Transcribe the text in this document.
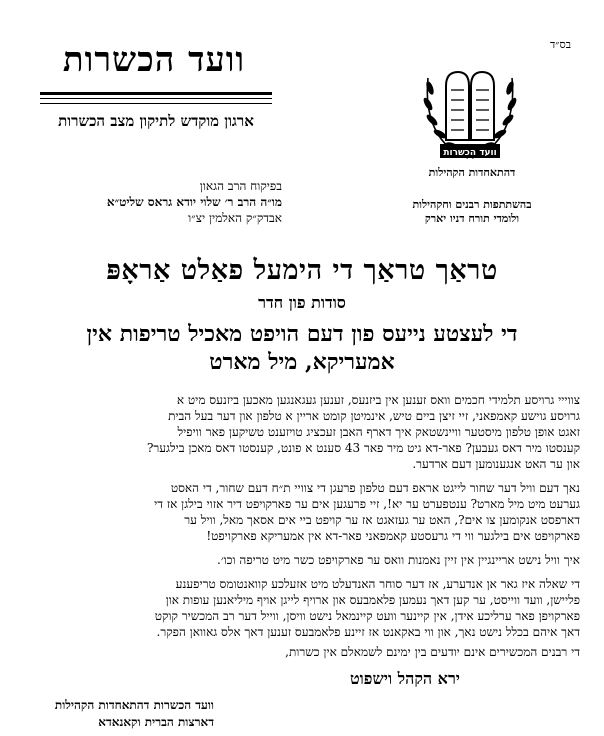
וועד הכשרות
ארגון מוקדש לתיקון מצב הכשרות
בפיקוח הרב הגאון
מו״ה הרב ר׳ שלוי יודא גראס שליט״א
אבדק״ק האלמין יצ״ו
בס״ד
וועד הכשרות
דהתאחדות הקהילות
בהשתתפות רבנים וחקהילות
ולומדי תורח דניו יארק
טראַך טראַך די הימעל פאַלט אַראָפּ
סודות פון חדר
די לעצטע נייעס פון דעם הויפט מאכיל טריפות אין
אמעריקא, מיל מארט
צווייי גרויסע תלמידי חכמים וואס זענען אין ביזנעס, זענען געגאנגען מאכען ביזנעס מיט א
גרויסע גוישע קאמפאני, זיי זיצן ביים טיש, אינמיטן קומט אריין א טלפון און דער בעל הבית
זאגט אופן טלפון מיסטער וויינשטאק איך דארף האבן זעכציג טויזענט טשיקען פאר וויפיל
קענסטו מיר דאס געבען? פאר-דא גיט מיר פאר 43 סענט א פונט, קענסטו דאס מאכן בילגער?
און ער האט אנגענומען דעם ארדער.
נאך דעם וויל דער שחור לייגט אראפ דעם טלפון פרעגן די צוויי ת״ח דעם שחור, די האסט
גערעט מיט מיל מארט? ענטפערט ער יא!, זיי פרעגען אים ער פארקויפט דיר אזוי בילגן אז די
דארפסט אנקומען צו אים?, האט ער געזאגט אז ער קויפט ביי אים אסאך מאל, וויל ער
פארקויפט אים בילגער ווי די גרעסטע קאמפאני פאר-דא אין אמעריקא פארקויפט!
איך וויל נישט אריינגיין אין זיין נאמנות וואס ער פארקויפט כשר מיט טריפה וכו׳.
די שאלה איז גאר אן אנדערע, אז דער סוחר האנדעלט מיט אזעלכע קוואנטומס טריפענע
פליישן, וועד ווייסט, ער קען דאך נעמען פלאמבעס און ארויף לייגן אויף מיליאנען עופות און
פארקויפן פאר ערליכע אידן, אין קיינער וועט קיינמאל נישט וויסן, ווייל דער רב המכשיר קוקט
דאך איהם בכלל נישט נאך, און ווי באקאנט אז זיינע פלאמבעס זענען דאך אלס גאוואן הפקר.
די רבנים המכשירים אינם יודעים בין ימינם לשמאלם אין כשרות,
ירא הקהל וישפוט
וועד הכשרות דהתאחדות הקהילות
דארצות הברית וקאנאדא
